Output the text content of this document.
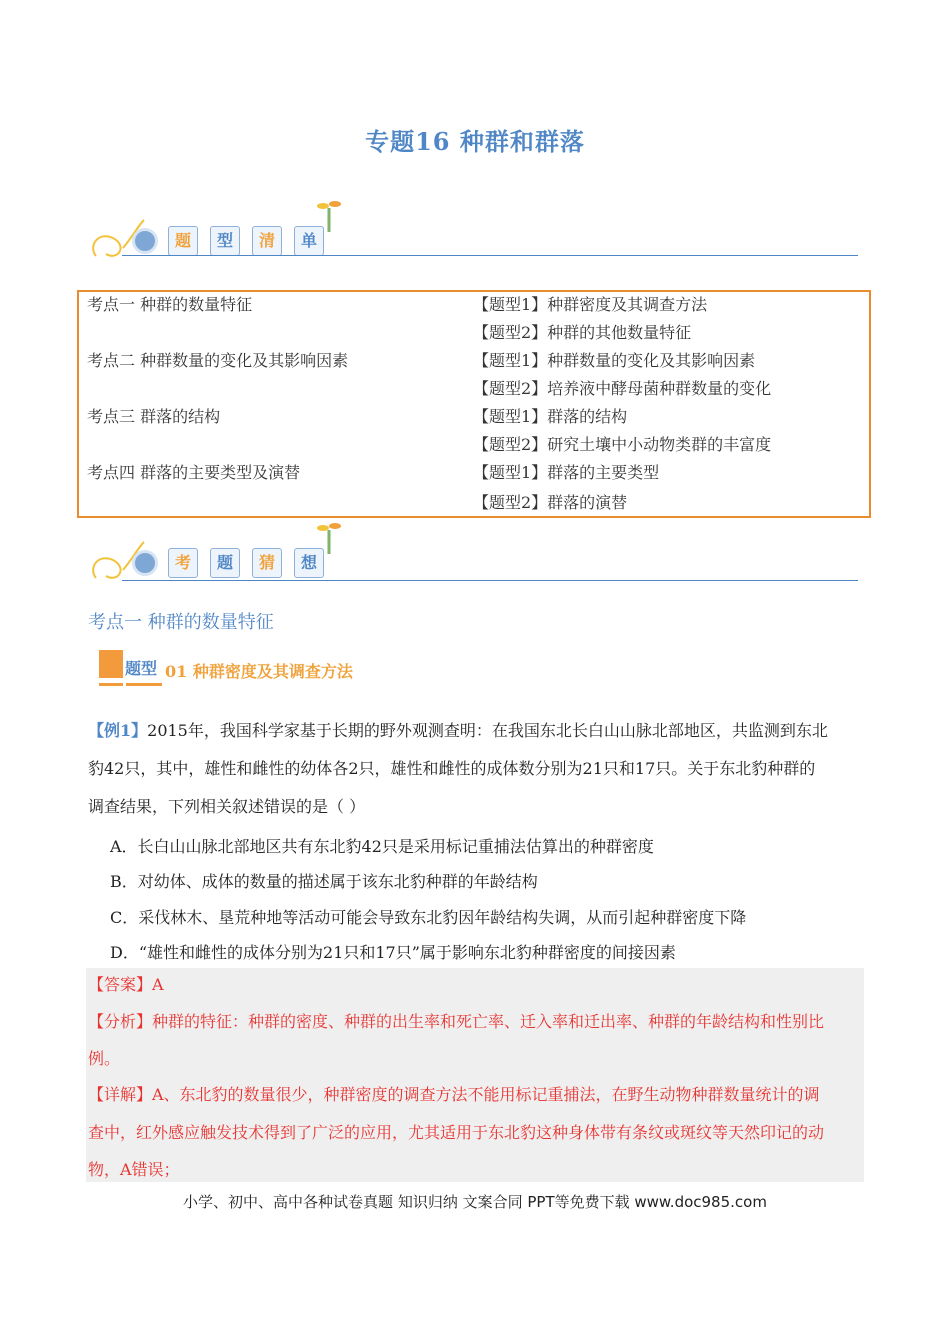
专题16 种群和群落
题	型	清	单
考点一 种群的数量特征	【题型1】种群密度及其调查方法
【题型2】种群的其他数量特征
考点二 种群数量的变化及其影响因素	【题型1】种群数量的变化及其影响因素
【题型2】培养液中酵母菌种群数量的变化
考点三 群落的结构	【题型1】群落的结构
【题型2】研究土壤中小动物类群的丰富度
考点四 群落的主要类型及演替	【题型1】群落的主要类型
【题型2】群落的演替
考	题	猜	想
考点一 种群的数量特征
题型 01 种群密度及其调查方法
【例1】2015年，我国科学家基于长期的野外观测查明：在我国东北长白山山脉北部地区，共监测到东北
豹42只，其中，雄性和雌性的幼体各2只，雄性和雌性的成体数分别为21只和17只。关于东北豹种群的
调查结果，下列相关叙述错误的是（ ）
A．长白山山脉北部地区共有东北豹42只是采用标记重捕法估算出的种群密度
B．对幼体、成体的数量的描述属于该东北豹种群的年龄结构
C．采伐林木、垦荒种地等活动可能会导致东北豹因年龄结构失调，从而引起种群密度下降
D．“雄性和雌性的成体分别为21只和17只”属于影响东北豹种群密度的间接因素
【答案】A
【分析】种群的特征：种群的密度、种群的出生率和死亡率、迁入率和迁出率、种群的年龄结构和性别比
例。
【详解】A、东北豹的数量很少，种群密度的调查方法不能用标记重捕法，在野生动物种群数量统计的调
查中，红外感应触发技术得到了广泛的应用，尤其适用于东北豹这种身体带有条纹或斑纹等天然印记的动
物，A错误；
小学、初中、高中各种试卷真题 知识归纳 文案合同 PPT等免费下载 www.doc985.com
